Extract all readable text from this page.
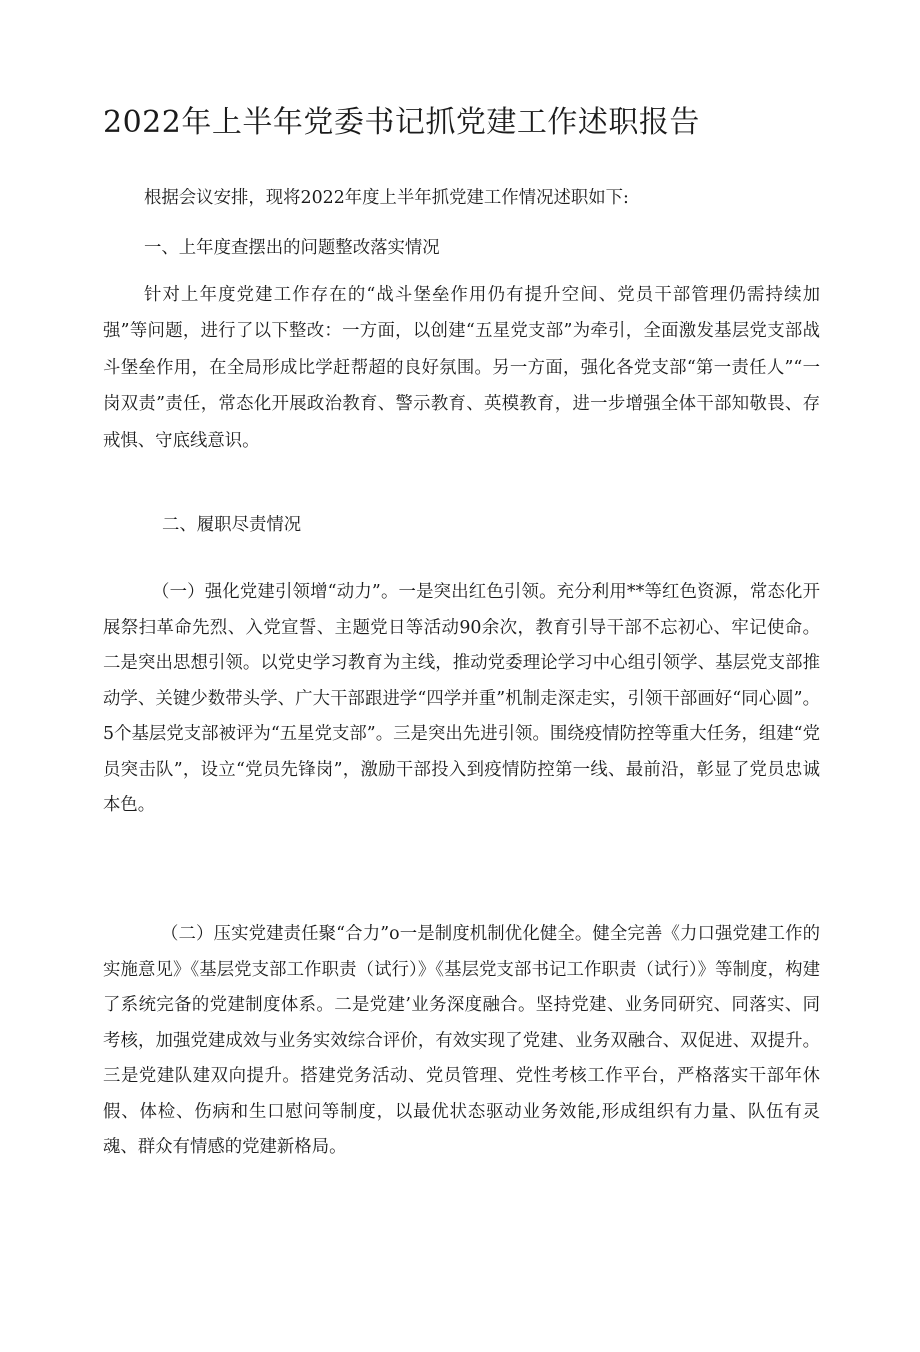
2022年上半年党委书记抓党建工作述职报告

根据会议安排，现将2022年度上半年抓党建工作情况述职如下:

一、上年度查摆出的问题整改落实情况

针对上年度党建工作存在的“战斗堡垒作用仍有提升空间、党员干部管理仍需持续加强”等问题，进行了以下整改：一方面，以创建“五星党支部”为牵引，全面激发基层党支部战斗堡垒作用，在全局形成比学赶帮超的良好氛围。另一方面，强化各党支部“第一责任人”“一岗双责”责任，常态化开展政治教育、警示教育、英模教育，进一步增强全体干部知敬畏、存戒惧、守底线意识。

二、履职尽责情况

（一）强化党建引领增“动力”。一是突出红色引领。充分利用**等红色资源，常态化开展祭扫革命先烈、入党宣誓、主题党日等活动90余次，教育引导干部不忘初心、牢记使命。二是突出思想引领。以党史学习教育为主线，推动党委理论学习中心组引领学、基层党支部推动学、关键少数带头学、广大干部跟进学“四学并重”机制走深走实，引领干部画好“同心圆”。5个基层党支部被评为“五星党支部”。三是突出先进引领。围绕疫情防控等重大任务，组建“党员突击队”，设立“党员先锋岗”，激励干部投入到疫情防控第一线、最前沿，彰显了党员忠诚本色。

（二）压实党建责任聚“合力”o一是制度机制优化健全。健全完善《力口强党建工作的实施意见》《基层党支部工作职责（试行）》《基层党支部书记工作职责（试行）》等制度，构建了系统完备的党建制度体系。二是党建’业务深度融合。坚持党建、业务同研究、同落实、同考核，加强党建成效与业务实效综合评价，有效实现了党建、业务双融合、双促进、双提升。三是党建队建双向提升。搭建党务活动、党员管理、党性考核工作平台，严格落实干部年休假、体检、伤病和生口慰问等制度，以最优状态驱动业务效能,形成组织有力量、队伍有灵魂、群众有情感的党建新格局。
